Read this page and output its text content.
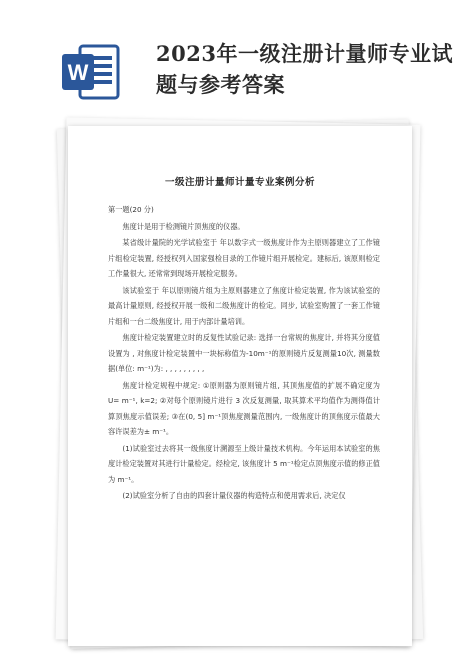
W
2023年一级注册计量师专业试题与参考答案

一级注册计量师计量专业案例分析

第一题(20 分)

焦度计是用于检测镜片顶焦度的仪器。

某省级计量院的光学试验室于 年以数字式一级焦度计作为主原则器建立了工作镜片组检定装置, 经授权列入国家强检目录的工作镜片组开展检定。建标后, 该原则检定工作量很大, 还常常到现场开展检定服务。

该试验室于 年以原则镜片组为主原则器建立了焦度计检定装置, 作为该试验室的最高计量原则, 经授权开展一级和二级焦度计的检定。同步, 试验室购置了一套工作镜片组和一台二级焦度计, 用于内部计量培训。

焦度计检定装置建立时的反复性试验记录: 选择一台常规的焦度计, 并将其分度值设置为 , 对焦度计检定装置中一块标称值为-10m⁻¹的原则镜片反复测量10次, 测量数据(单位: m⁻¹)为: , , , , , , , , ,

焦度计检定规程中规定: ①原则器为原则镜片组, 其顶焦度值的扩展不确定度为 U= m⁻¹, k=2; ②对每个原则镜片进行 3 次反复测量, 取其算术平均值作为测得值计算顶焦度示值误差; ③在(0, 5] m⁻¹顶焦度测量范围内, 一级焦度计的顶焦度示值最大容许误差为± m⁻¹。

(1)试验室过去将其一级焦度计溯源至上级计量技术机构。今年运用本试验室的焦度计检定装置对其进行计量检定。经检定, 该焦度计 5 m⁻¹检定点顶焦度示值的修正值为 m⁻¹。

(2)试验室分析了自由的四套计量仪器的构造特点和使用需求后, 决定仅
